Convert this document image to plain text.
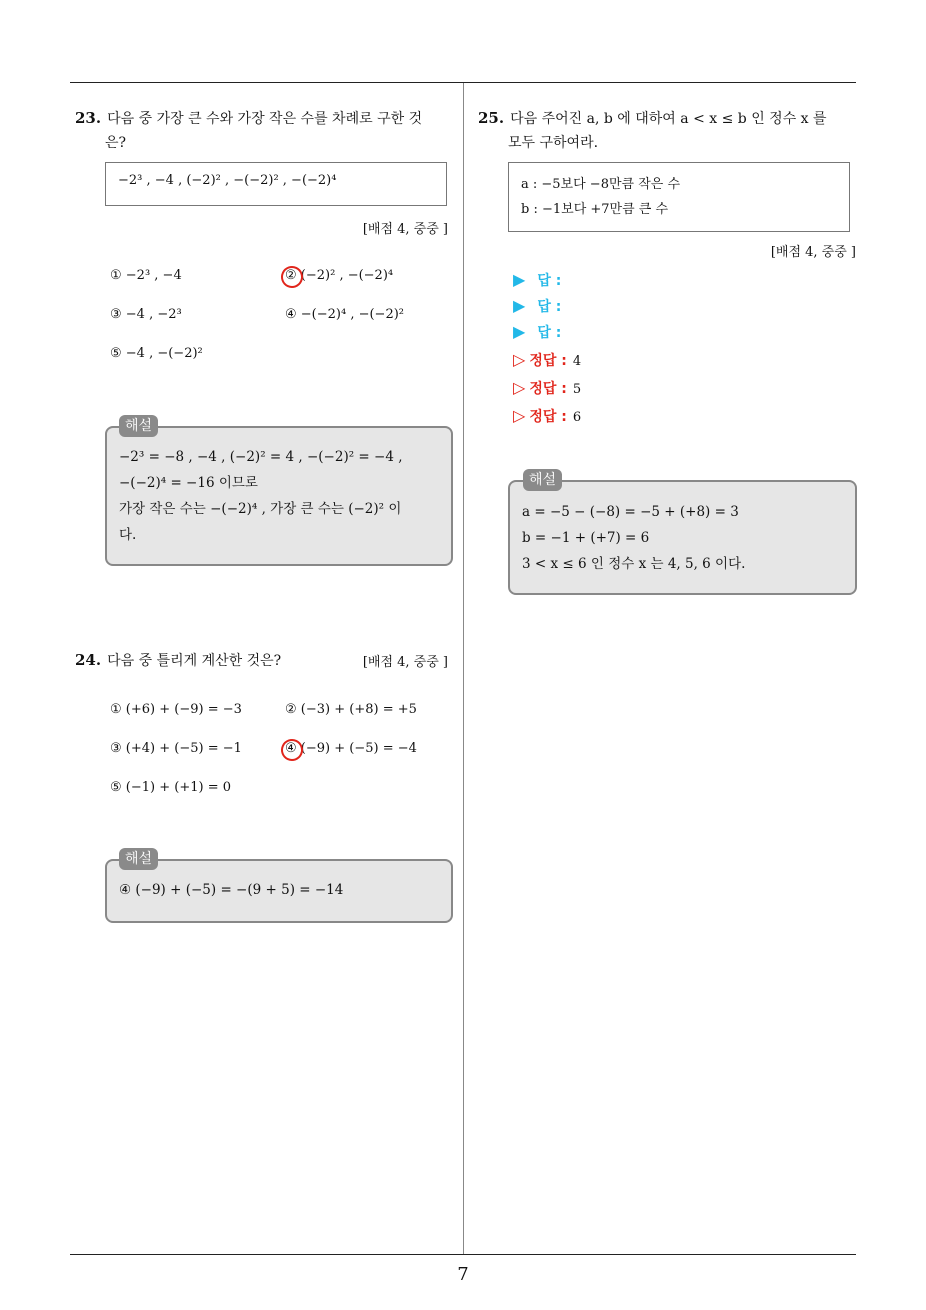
7
23. 다음 중 가장 큰 수와 가장 작은 수를 차례로 구한 것
은?
−2³ , −4 , (−2)² , −(−2)² , −(−2)⁴
[배점 4, 중중 ]
① −2³ , −4	② (−2)² , −(−2)⁴
③ −4 , −2³	④ −(−2)⁴ , −(−2)²
⑤ −4 , −(−2)²
−2³ = −8 , −4 , (−2)² = 4 , −(−2)² = −4 ,
−(−2)⁴ = −16 이므로
가장 작은 수는 −(−2)⁴ , 가장 큰 수는 (−2)² 이
다.
해설
24. 다음 중 틀리게 계산한 것은?	[배점 4, 중중 ]
① (+6) + (−9) = −3	② (−3) + (+8) = +5
③ (+4) + (−5) = −1	④ (−9) + (−5) = −4
⑤ (−1) + (+1) = 0
④ (−9) + (−5) = −(9 + 5) = −14
해설
25. 다음 주어진 a, b 에 대하여 a < x ≤ b 인 정수 x 를
모두 구하여라.
a : −5보다 −8만큼 작은 수
b : −1보다 +7만큼 큰 수
[배점 4, 중중 ]
▶ 답 :
▶ 답 :
▶ 답 :
▷ 정답 : 4
▷ 정답 : 5
▷ 정답 : 6
a = −5 − (−8) = −5 + (+8) = 3
b = −1 + (+7) = 6
3 < x ≤ 6 인 정수 x 는 4, 5, 6 이다.
해설
